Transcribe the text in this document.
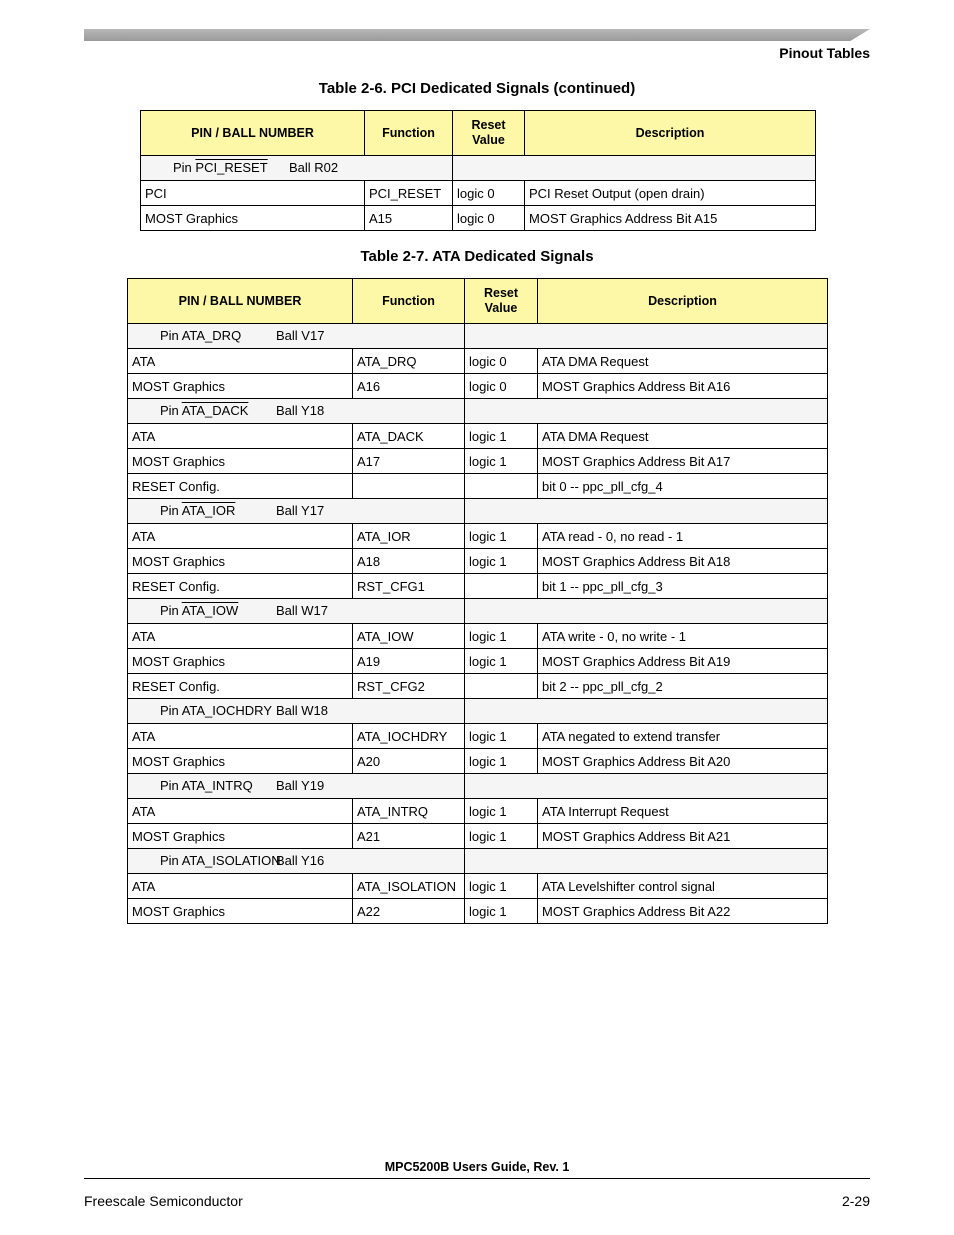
Pinout Tables
Table 2-6. PCI Dedicated Signals (continued)
PIN / BALL NUMBER	Function	Reset Value	Description

Pin PCI_RESET Ball R02			

PCI	PCI_RESET	logic 0	PCI Reset Output (open drain)
MOST Graphics	A15	logic 0	MOST Graphics Address Bit A15
Table 2-7. ATA Dedicated Signals
PIN / BALL NUMBER	Function	Reset Value	Description

Pin ATA_DRQ Ball V17			

ATA	ATA_DRQ	logic 0	ATA DMA Request
MOST Graphics	A16	logic 0	MOST Graphics Address Bit A16

Pin ATA_DACK Ball Y18			

ATA	ATA_DACK	logic 1	ATA DMA Request
MOST Graphics	A17	logic 1	MOST Graphics Address Bit A17
RESET Config.			bit 0 -- ppc_pll_cfg_4

Pin ATA_IOR Ball Y17			

ATA	ATA_IOR	logic 1	ATA read - 0, no read - 1
MOST Graphics	A18	logic 1	MOST Graphics Address Bit A18
RESET Config.	RST_CFG1		bit 1 -- ppc_pll_cfg_3

Pin ATA_IOW Ball W17			

ATA	ATA_IOW	logic 1	ATA write - 0, no write - 1
MOST Graphics	A19	logic 1	MOST Graphics Address Bit A19
RESET Config.	RST_CFG2		bit 2 -- ppc_pll_cfg_2

Pin ATA_IOCHDRY Ball W18			

ATA	ATA_IOCHDRY	logic 1	ATA negated to extend transfer
MOST Graphics	A20	logic 1	MOST Graphics Address Bit A20

Pin ATA_INTRQ Ball Y19			

ATA	ATA_INTRQ	logic 1	ATA Interrupt Request
MOST Graphics	A21	logic 1	MOST Graphics Address Bit A21

Pin ATA_ISOLATION
Ball Y16			

ATA	ATA_ISOLATION	logic 1	ATA Levelshifter control signal
MOST Graphics	A22	logic 1	MOST Graphics Address Bit A22
MPC5200B Users Guide, Rev. 1
Freescale Semiconductor	2-29
